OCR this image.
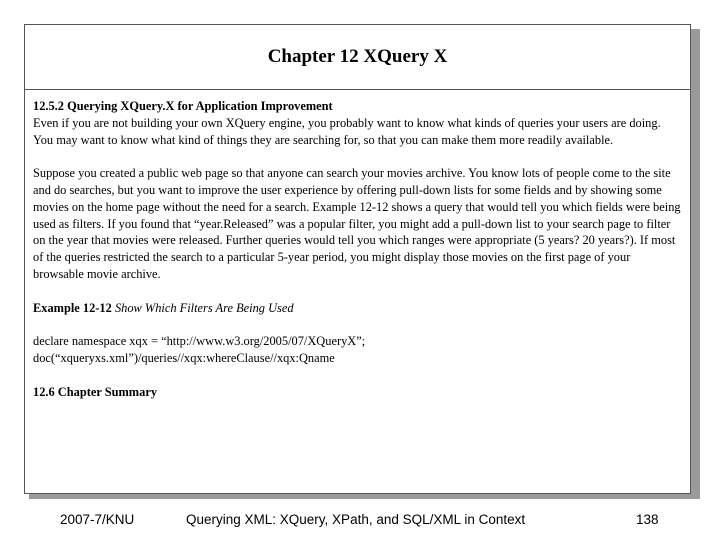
Chapter 12 XQuery X

12.5.2 Querying XQuery.X for Application Improvement

Even if you are not building your own XQuery engine, you probably want to know what kinds of queries your users are doing. You may want to know what kind of things they are searching for, so that you can make them more readily available.

Suppose you created a public web page so that anyone can search your movies archive. You know lots of people come to the site and do searches, but you want to improve the user experience by offering pull-down lists for some fields and by showing some movies on the home page without the need for a search. Example 12-12 shows a query that would tell you which fields were being used as filters. If you found that “year.Released” was a popular filter, you might add a pull-down list to your search page to filter on the year that movies were released. Further queries would tell you which ranges were appropriate (5 years? 20 years?). If most of the queries restricted the search to a particular 5-year period, you might display those movies on the first page of your browsable movie archive.

Example 12-12 Show Which Filters Are Being Used

declare namespace xqx = “http://www.w3.org/2005/07/XQueryX”;

doc(“xqueryxs.xml”)/queries//xqx:whereClause//xqx:Qname

12.6 Chapter Summary

2007-7/KNU	Querying XML: XQuery, XPath, and SQL/XML in Context	138
